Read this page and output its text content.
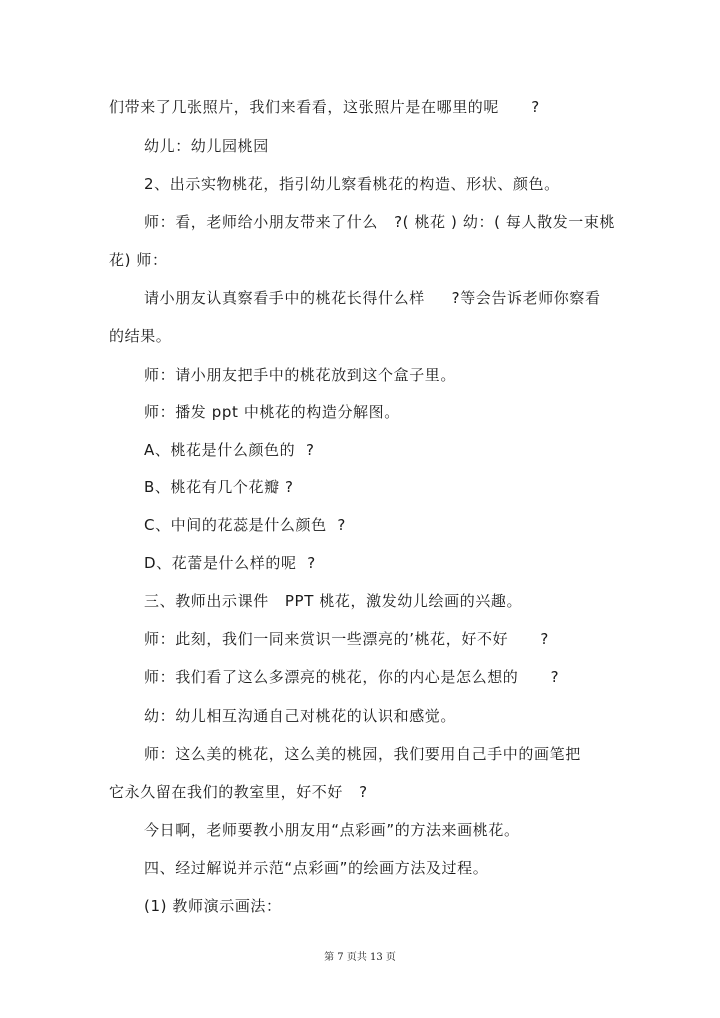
们带来了几张照片，我们来看看，这张照片是在哪里的呢      ?
幼儿：幼儿园桃园
2、出示实物桃花，指引幼儿察看桃花的构造、形状、颜色。
师：看，老师给小朋友带来了什么   ?( 桃花 ) 幼：( 每人散发一束桃
花) 师：
请小朋友认真察看手中的桃花长得什么样     ?等会告诉老师你察看
的结果。
师：请小朋友把手中的桃花放到这个盒子里。
师：播发 ppt 中桃花的构造分解图。
A、桃花是什么颜色的  ?
B、桃花有几个花瓣 ?
C、中间的花蕊是什么颜色  ?
D、花蕾是什么样的呢  ?
三、教师出示课件   PPT 桃花，激发幼儿绘画的兴趣。
师：此刻，我们一同来赏识一些漂亮的’桃花，好不好      ?
师：我们看了这么多漂亮的桃花，你的内心是怎么想的      ?
幼：幼儿相互沟通自己对桃花的认识和感觉。
师：这么美的桃花，这么美的桃园，我们要用自己手中的画笔把
它永久留在我们的教室里，好不好   ?
今日啊，老师要教小朋友用“点彩画”的方法来画桃花。
四、经过解说并示范“点彩画”的绘画方法及过程。
(1) 教师演示画法：
第 7 页共 13 页
